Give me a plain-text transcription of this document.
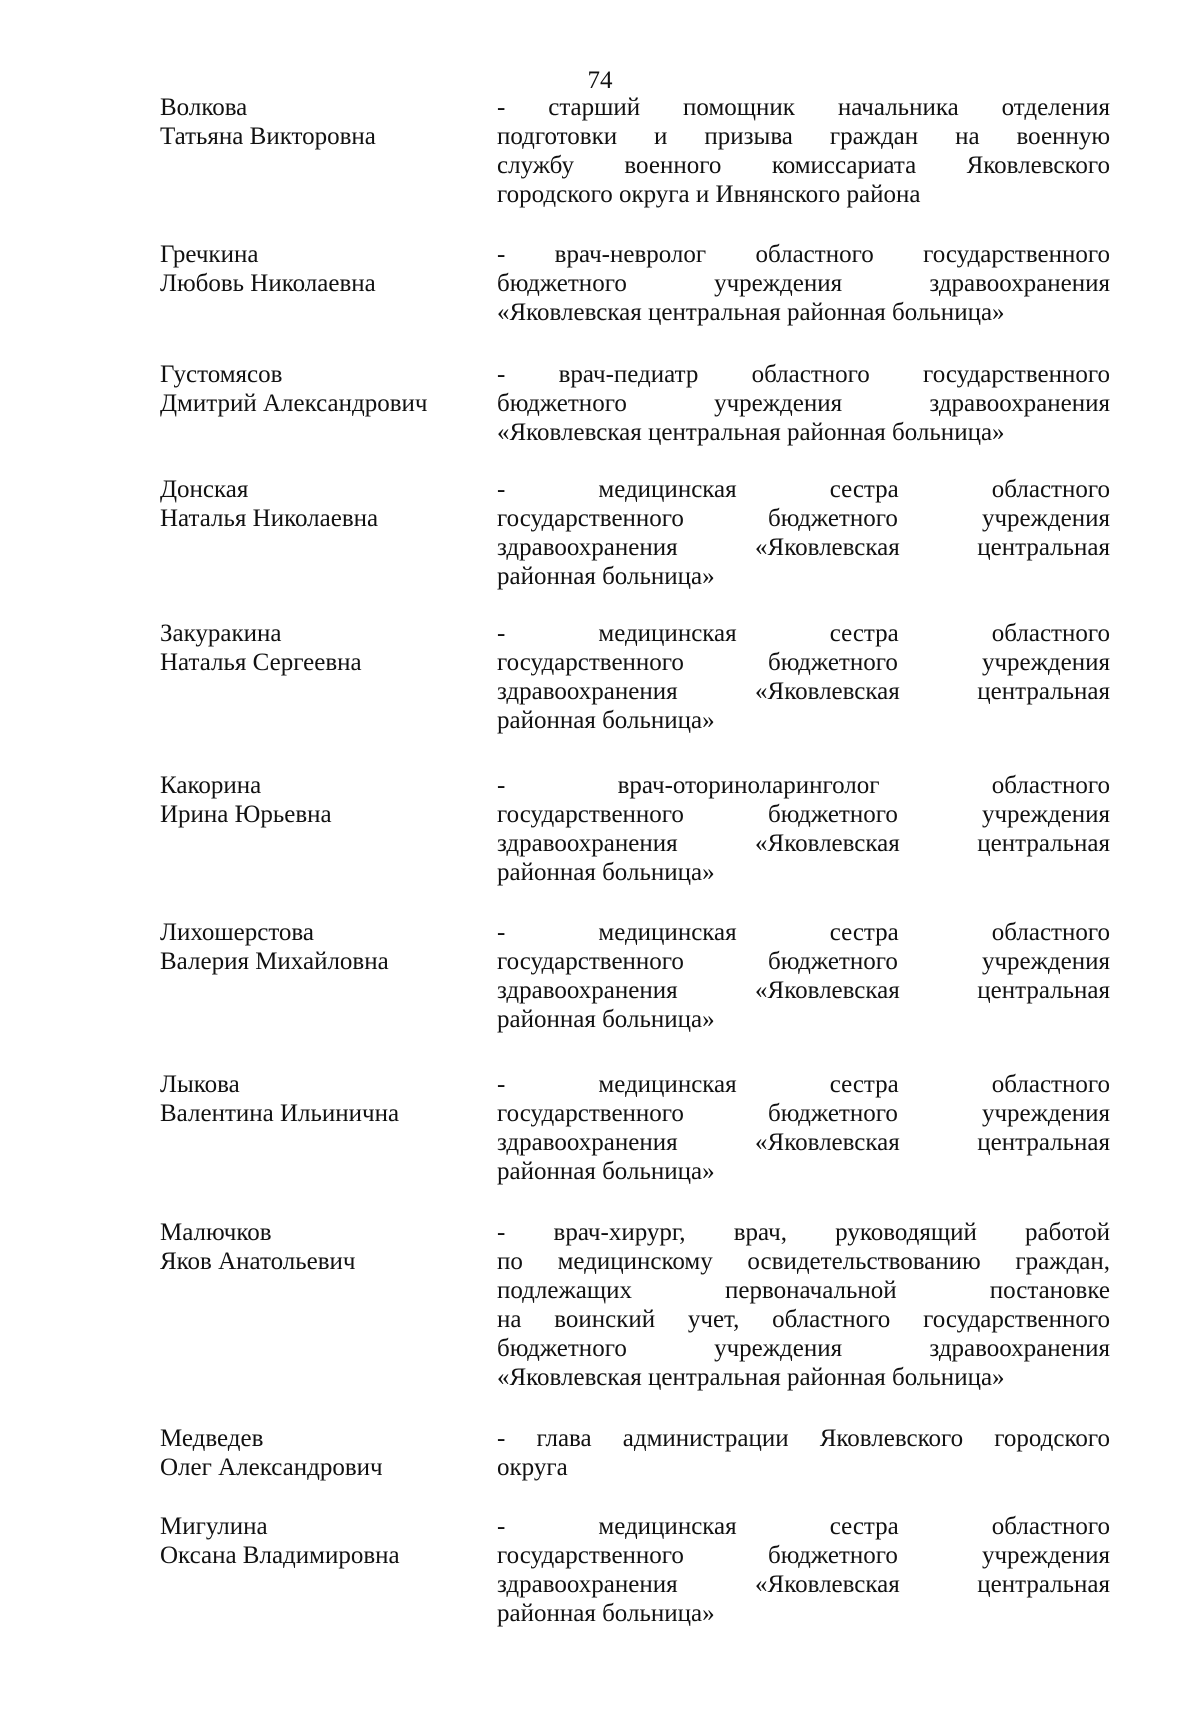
74
Волкова
Татьяна Викторовна
- старший помощник начальника отделения
подготовки и призыва граждан на военную
службу военного комиссариата Яковлевского
городского округа и Ивнянского района
Гречкина
Любовь Николаевна
- врач-невролог областного государственного
бюджетного учреждения здравоохранения
«Яковлевская центральная районная больница»
Густомясов
Дмитрий Александрович
- врач-педиатр областного государственного
бюджетного учреждения здравоохранения
«Яковлевская центральная районная больница»
Донская
Наталья Николаевна
- медицинская сестра областного
государственного бюджетного учреждения
здравоохранения «Яковлевская центральная
районная больница»
Закуракина
Наталья Сергеевна
- медицинская сестра областного
государственного бюджетного учреждения
здравоохранения «Яковлевская центральная
районная больница»
Какорина
Ирина Юрьевна
- врач-оториноларинголог областного
государственного бюджетного учреждения
здравоохранения «Яковлевская центральная
районная больница»
Лихошерстова
Валерия Михайловна
- медицинская сестра областного
государственного бюджетного учреждения
здравоохранения «Яковлевская центральная
районная больница»
Лыкова
Валентина Ильинична
- медицинская сестра областного
государственного бюджетного учреждения
здравоохранения «Яковлевская центральная
районная больница»
Малючков
Яков Анатольевич
- врач-хирург, врач, руководящий работой
по медицинскому освидетельствованию граждан,
подлежащих первоначальной постановке
на воинский учет, областного государственного
бюджетного учреждения здравоохранения
«Яковлевская центральная районная больница»
Медведев
Олег Александрович
- глава администрации Яковлевского городского
округа
Мигулина
Оксана Владимировна
- медицинская сестра областного
государственного бюджетного учреждения
здравоохранения «Яковлевская центральная
районная больница»
